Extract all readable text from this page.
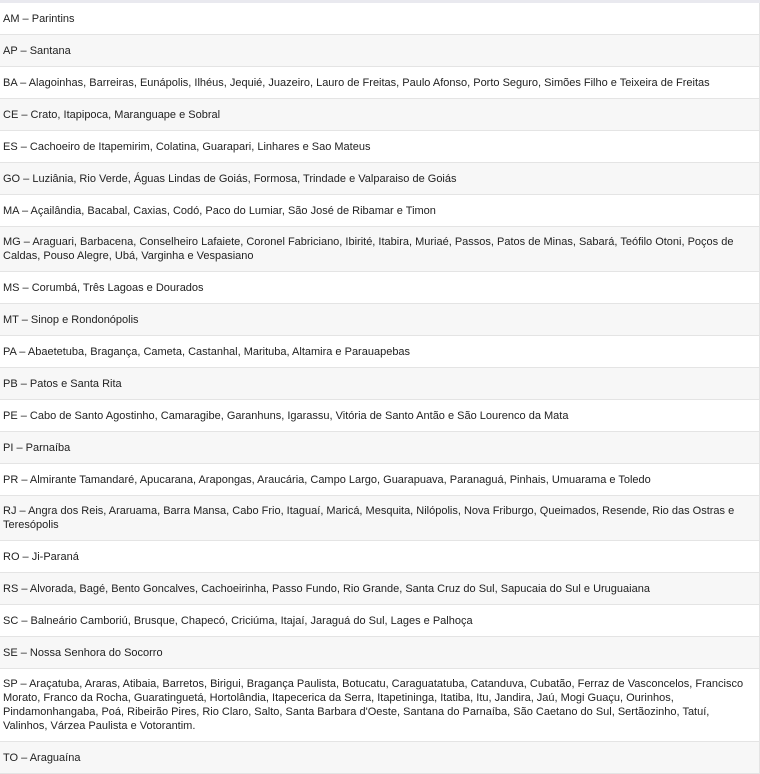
AM – Parintins
AP – Santana
BA – Alagoinhas, Barreiras, Eunápolis, Ilhéus, Jequié, Juazeiro, Lauro de Freitas, Paulo Afonso, Porto Seguro, Simões Filho e Teixeira de Freitas
CE – Crato, Itapipoca, Maranguape e Sobral
ES – Cachoeiro de Itapemirim, Colatina, Guarapari, Linhares e Sao Mateus
GO – Luziânia, Rio Verde, Águas Lindas de Goiás, Formosa, Trindade e Valparaiso de Goiás
MA – Açailândia, Bacabal, Caxias, Codó, Paco do Lumiar, São José de Ribamar e Timon
MG – Araguari, Barbacena, Conselheiro Lafaiete, Coronel Fabriciano, Ibirité, Itabira, Muriaé, Passos, Patos de Minas, Sabará, Teófilo Otoni, Poços de Caldas, Pouso Alegre, Ubá, Varginha e Vespasiano
MS – Corumbá, Três Lagoas e Dourados
MT – Sinop e Rondonópolis
PA – Abaetetuba, Bragança, Cameta, Castanhal, Marituba, Altamira e Parauapebas
PB – Patos e Santa Rita
PE – Cabo de Santo Agostinho, Camaragibe, Garanhuns, Igarassu, Vitória de Santo Antão e São Lourenco da Mata
PI – Parnaíba
PR – Almirante Tamandaré, Apucarana, Arapongas, Araucária, Campo Largo, Guarapuava, Paranaguá, Pinhais, Umuarama e Toledo
RJ – Angra dos Reis, Araruama, Barra Mansa, Cabo Frio, Itaguaí, Maricá, Mesquita, Nilópolis, Nova Friburgo, Queimados, Resende, Rio das Ostras e Teresópolis
RO – Ji-Paraná
RS – Alvorada, Bagé, Bento Goncalves, Cachoeirinha, Passo Fundo, Rio Grande, Santa Cruz do Sul, Sapucaia do Sul e Uruguaiana
SC – Balneário Camboriú, Brusque, Chapecó, Criciúma, Itajaí, Jaraguá do Sul, Lages e Palhoça
SE – Nossa Senhora do Socorro
SP – Araçatuba, Araras, Atibaia, Barretos, Birigui, Bragança Paulista, Botucatu, Caraguatatuba, Catanduva, Cubatão, Ferraz de Vasconcelos, Francisco Morato, Franco da Rocha, Guaratinguetá, Hortolândia, Itapecerica da Serra, Itapetininga, Itatiba, Itu, Jandira, Jaú, Mogi Guaçu, Ourinhos, Pindamonhangaba, Poá, Ribeirão Pires, Rio Claro, Salto, Santa Barbara d'Oeste, Santana do Parnaíba, São Caetano do Sul, Sertãozinho, Tatuí, Valinhos, Várzea Paulista e Votorantim.
TO – Araguaína
